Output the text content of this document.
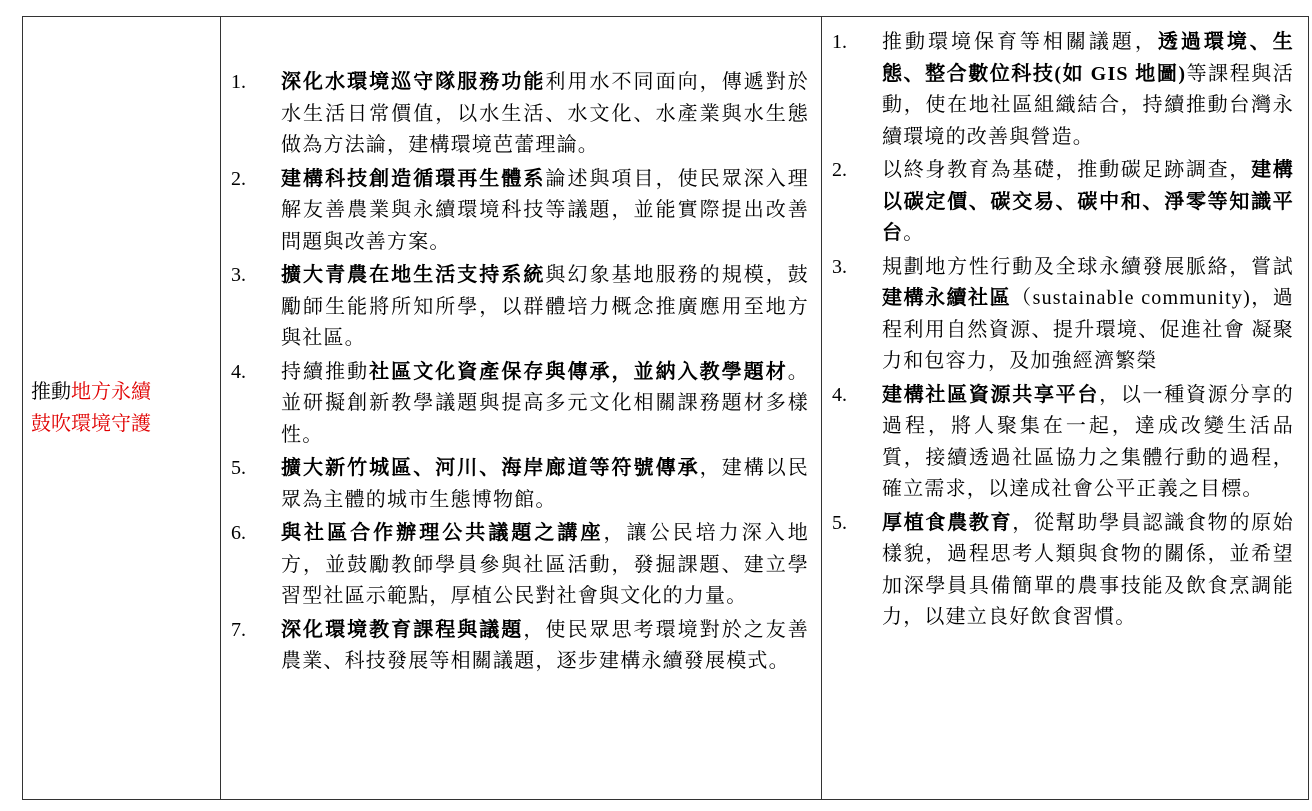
推動地方永續
鼓吹環境守護	
1.	深化水環境巡守隊服務功能利用水不同面向，傳遞對於水生活日常價值，以水生活、水文化、水產業與水生態做為方法論，建構環境芭蕾理論。
2.	建構科技創造循環再生體系論述與項目，使民眾深入理解友善農業與永續環境科技等議題，並能實際提出改善問題與改善方案。
3.	擴大青農在地生活支持系統與幻象基地服務的規模，鼓勵師生能將所知所學，以群體培力概念推廣應用至地方與社區。
4.	持續推動社區文化資產保存與傳承，並納入教學題材。並研擬創新教學議題與提高多元文化相關課務題材多樣性。
5.	擴大新竹城區、河川、海岸廊道等符號傳承，建構以民眾為主體的城市生態博物館。
6.	與社區合作辦理公共議題之講座，讓公民培力深入地方，並鼓勵教師學員參與社區活動，發掘課題、建立學習型社區示範點，厚植公民對社會與文化的力量。
7.	深化環境教育課程與議題，使民眾思考環境對於之友善農業、科技發展等相關議題，逐步建構永續發展模式。

1.	推動環境保育等相關議題，透過環境、生態、整合數位科技(如 GIS 地圖)等課程與活動，使在地社區組織結合，持續推動台灣永續環境的改善與營造。
2.	以終身教育為基礎，推動碳足跡調查，建構以碳定價、碳交易、碳中和、淨零等知識平台。
3.	規劃地方性行動及全球永續發展脈絡，嘗試建構永續社區（sustainable community)，過程利用自然資源、提升環境、促進社會 凝聚力和包容力，及加強經濟繁榮
4.	建構社區資源共享平台，以一種資源分享的過程，將人聚集在一起，達成改變生活品質，接續透過社區協力之集體行動的過程，確立需求，以達成社會公平正義之目標。
5.	厚植食農教育，從幫助學員認識食物的原始樣貌，過程思考人類與食物的關係，並希望加深學員具備簡單的農事技能及飲食烹調能力，以建立良好飲食習慣。
